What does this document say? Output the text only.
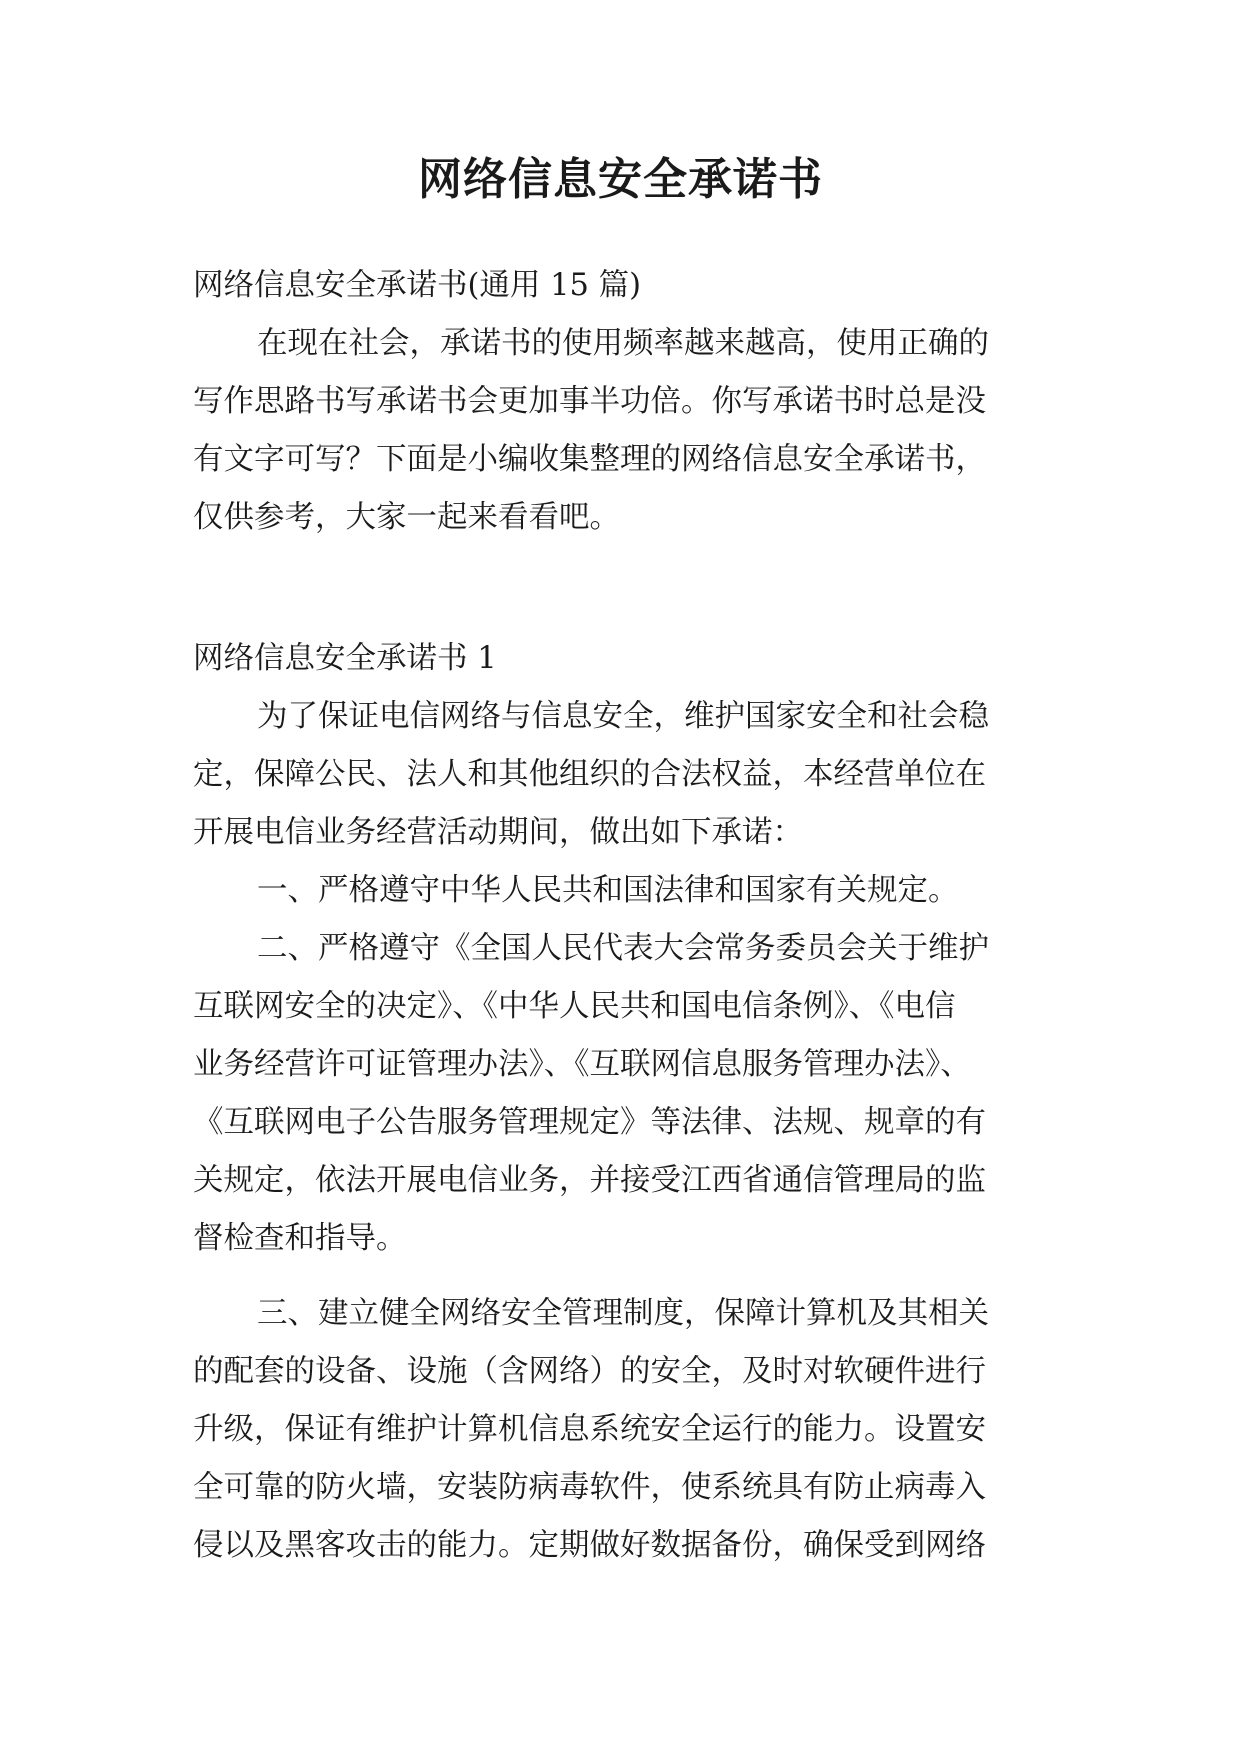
网络信息安全承诺书

网络信息安全承诺书(通用 15 篇)

在现在社会，承诺书的使用频率越来越高，使用正确的

写作思路书写承诺书会更加事半功倍。你写承诺书时总是没

有文字可写？下面是小编收集整理的网络信息安全承诺书，

仅供参考，大家一起来看看吧。

网络信息安全承诺书 1

为了保证电信网络与信息安全，维护国家安全和社会稳

定，保障公民、法人和其他组织的合法权益，本经营单位在

开展电信业务经营活动期间，做出如下承诺：

一、严格遵守中华人民共和国法律和国家有关规定。

二、严格遵守《全国人民代表大会常务委员会关于维护

互联网安全的决定》、《中华人民共和国电信条例》、《电信

业务经营许可证管理办法》、《互联网信息服务管理办法》、

《互联网电子公告服务管理规定》等法律、法规、规章的有

关规定，依法开展电信业务，并接受江西省通信管理局的监

督检查和指导。

三、建立健全网络安全管理制度，保障计算机及其相关

的配套的设备、设施（含网络）的安全，及时对软硬件进行

升级，保证有维护计算机信息系统安全运行的能力。设置安

全可靠的防火墙，安装防病毒软件，使系统具有防止病毒入

侵以及黑客攻击的能力。定期做好数据备份，确保受到网络
